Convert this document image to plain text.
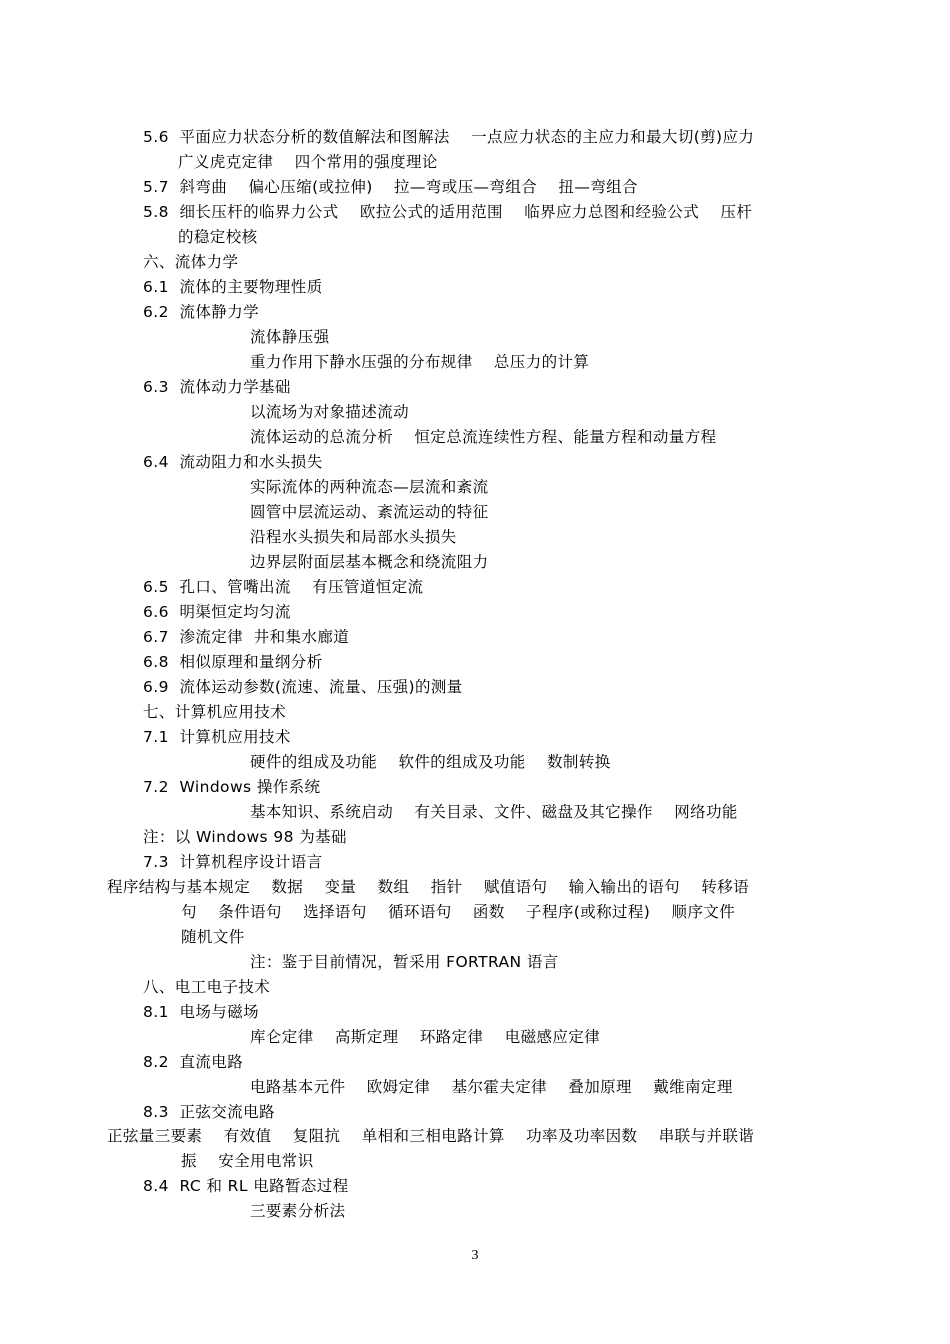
5.6  平面应力状态分析的数值解法和图解法    一点应力状态的主应力和最大切(剪)应力
广义虎克定律    四个常用的强度理论
5.7  斜弯曲    偏心压缩(或拉伸)    拉—弯或压—弯组合    扭—弯组合
5.8  细长压杆的临界力公式    欧拉公式的适用范围    临界应力总图和经验公式    压杆
的稳定校核
六、流体力学
6.1  流体的主要物理性质
6.2  流体静力学
流体静压强
重力作用下静水压强的分布规律    总压力的计算
6.3  流体动力学基础
以流场为对象描述流动
流体运动的总流分析    恒定总流连续性方程、能量方程和动量方程
6.4  流动阻力和水头损失
实际流体的两种流态—层流和紊流
圆管中层流运动、紊流运动的特征
沿程水头损失和局部水头损失
边界层附面层基本概念和绕流阻力
6.5  孔口、管嘴出流    有压管道恒定流
6.6  明渠恒定均匀流
6.7  渗流定律  井和集水廊道
6.8  相似原理和量纲分析
6.9  流体运动参数(流速、流量、压强)的测量
七、计算机应用技术
7.1  计算机应用技术
硬件的组成及功能    软件的组成及功能    数制转换
7.2  Windows 操作系统
基本知识、系统启动    有关目录、文件、磁盘及其它操作    网络功能
注：以 Windows 98 为基础
7.3  计算机程序设计语言
程序结构与基本规定    数据    变量    数组    指针    赋值语句    输入输出的语句    转移语
句    条件语句    选择语句    循环语句    函数    子程序(或称过程)    顺序文件
随机文件
注：鉴于目前情况，暂采用 FORTRAN 语言
八、电工电子技术
8.1  电场与磁场
库仑定律    高斯定理    环路定律    电磁感应定律
8.2  直流电路
电路基本元件    欧姆定律    基尔霍夫定律    叠加原理    戴维南定理
8.3  正弦交流电路
正弦量三要素    有效值    复阻抗    单相和三相电路计算    功率及功率因数    串联与并联谐
振    安全用电常识
8.4  RC 和 RL 电路暂态过程
三要素分析法
3
